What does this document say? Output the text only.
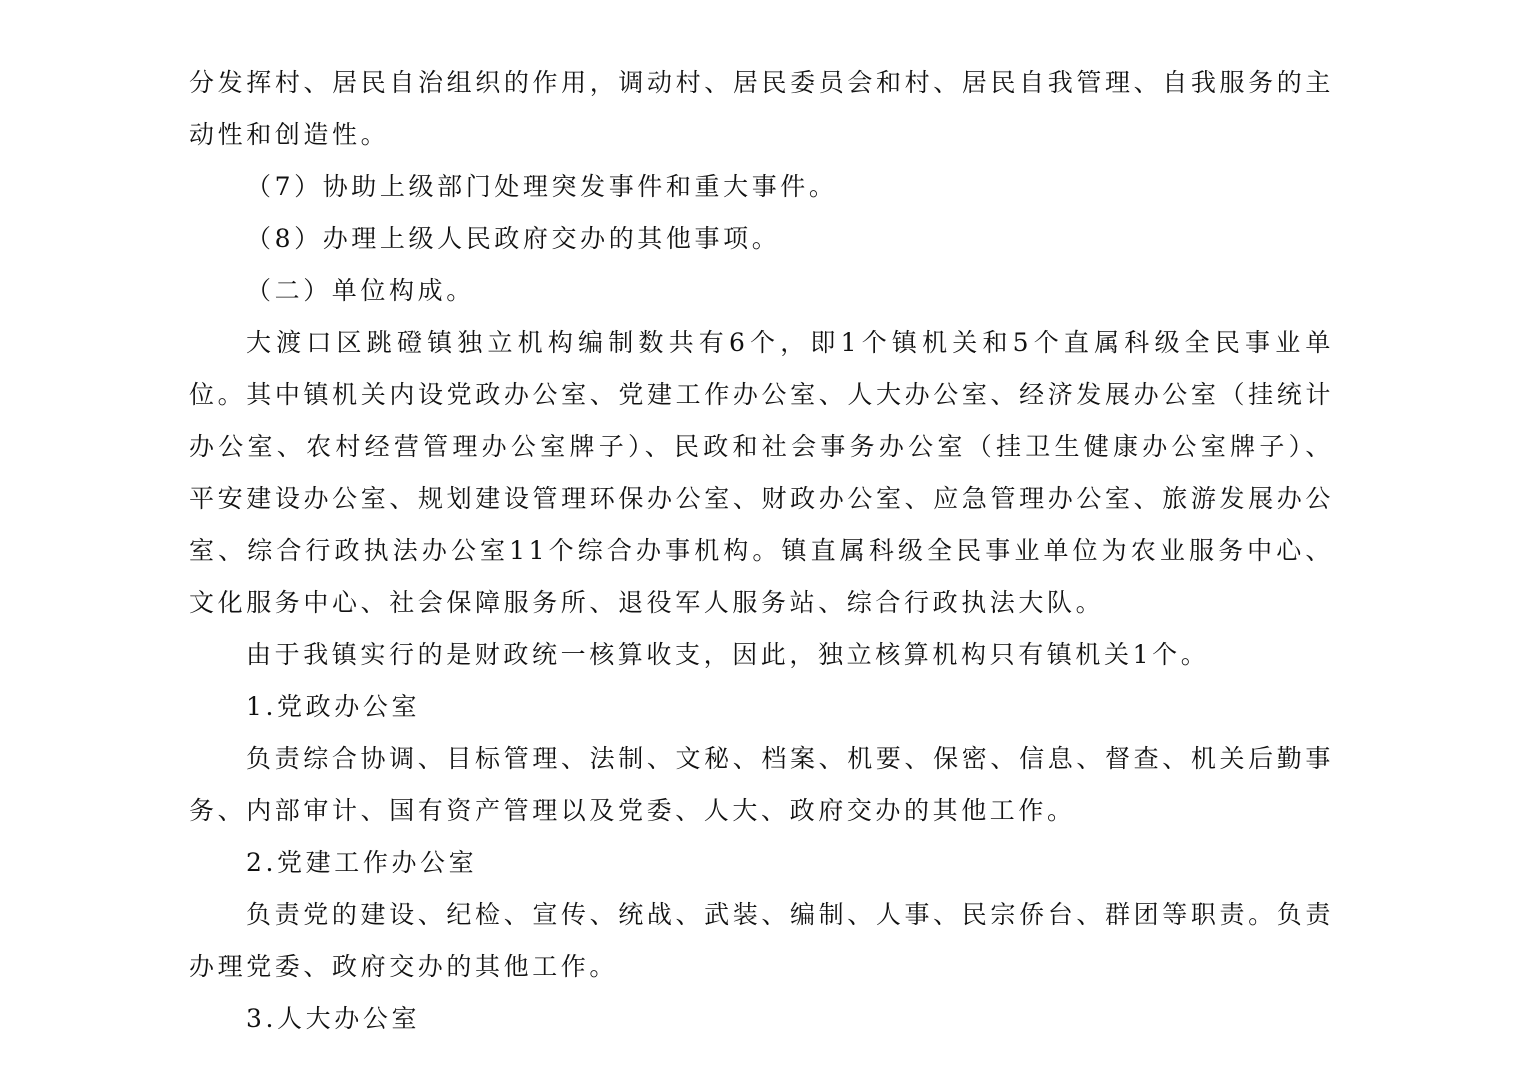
分发挥村、居民自治组织的作用，调动村、居民委员会和村、居民自我管理、自我服务的主动性和创造性。

（7）协助上级部门处理突发事件和重大事件。

（8）办理上级人民政府交办的其他事项。

（二）单位构成。

大渡口区跳磴镇独立机构编制数共有6个，即1个镇机关和5个直属科级全民事业单位。其中镇机关内设党政办公室、党建工作办公室、人大办公室、经济发展办公室（挂统计办公室、农村经营管理办公室牌子）、民政和社会事务办公室（挂卫生健康办公室牌子）、平安建设办公室、规划建设管理环保办公室、财政办公室、应急管理办公室、旅游发展办公室、综合行政执法办公室11个综合办事机构。镇直属科级全民事业单位为农业服务中心、文化服务中心、社会保障服务所、退役军人服务站、综合行政执法大队。

由于我镇实行的是财政统一核算收支，因此，独立核算机构只有镇机关1个。

1.党政办公室

负责综合协调、目标管理、法制、文秘、档案、机要、保密、信息、督查、机关后勤事务、内部审计、国有资产管理以及党委、人大、政府交办的其他工作。

2.党建工作办公室

负责党的建设、纪检、宣传、统战、武装、编制、人事、民宗侨台、群团等职责。负责办理党委、政府交办的其他工作。

3.人大办公室
